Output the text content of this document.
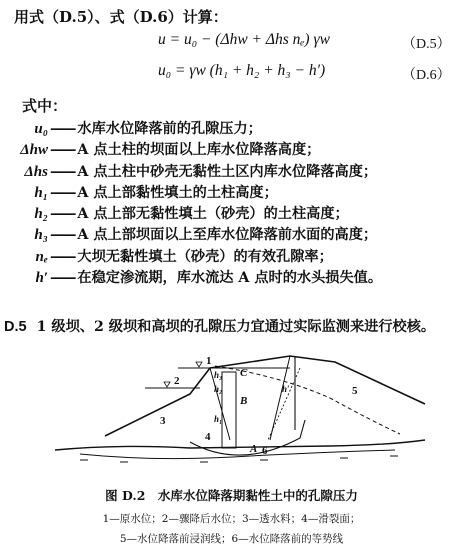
用式（D.5）、式（D.6）计算：
u = u₀ − (Δhw + Δhs nₑ) γw	（D.5）
u₀ = γw (h₁ + h₂ + h₃ − h′)	（D.6）
式中：
u₀ —— 水库水位降落前的孔隙压力；
Δhw —— A 点土柱的坝面以上库水位降落高度；
Δhs —— A 点土柱中砂壳无黏性土区内库水位降落高度；
h₁ —— A 点上部黏性填土的土柱高度；
h₂ —— A 点上部无黏性填土（砂壳）的土柱高度；
h₃ —— A 点上部坝面以上至库水位降落前水面的高度；
nₑ —— 大坝无黏性填土（砂壳）的有效孔隙率；
h′ —— 在稳定渗流期，库水流达 A 点时的水头损失值。
D.5 1 级坝、2 级坝和高坝的孔隙压力宜通过实际监测来进行校核。
1
2
3
4
5
6
A
B
C
h₁
h₂
h₃
h′
图 D.2　水库水位降落期黏性土中的孔隙压力
1—原水位；2—骤降后水位；3—透水料；4—滑裂面；
5—水位降落前浸润线；6—水位降落前的等势线
